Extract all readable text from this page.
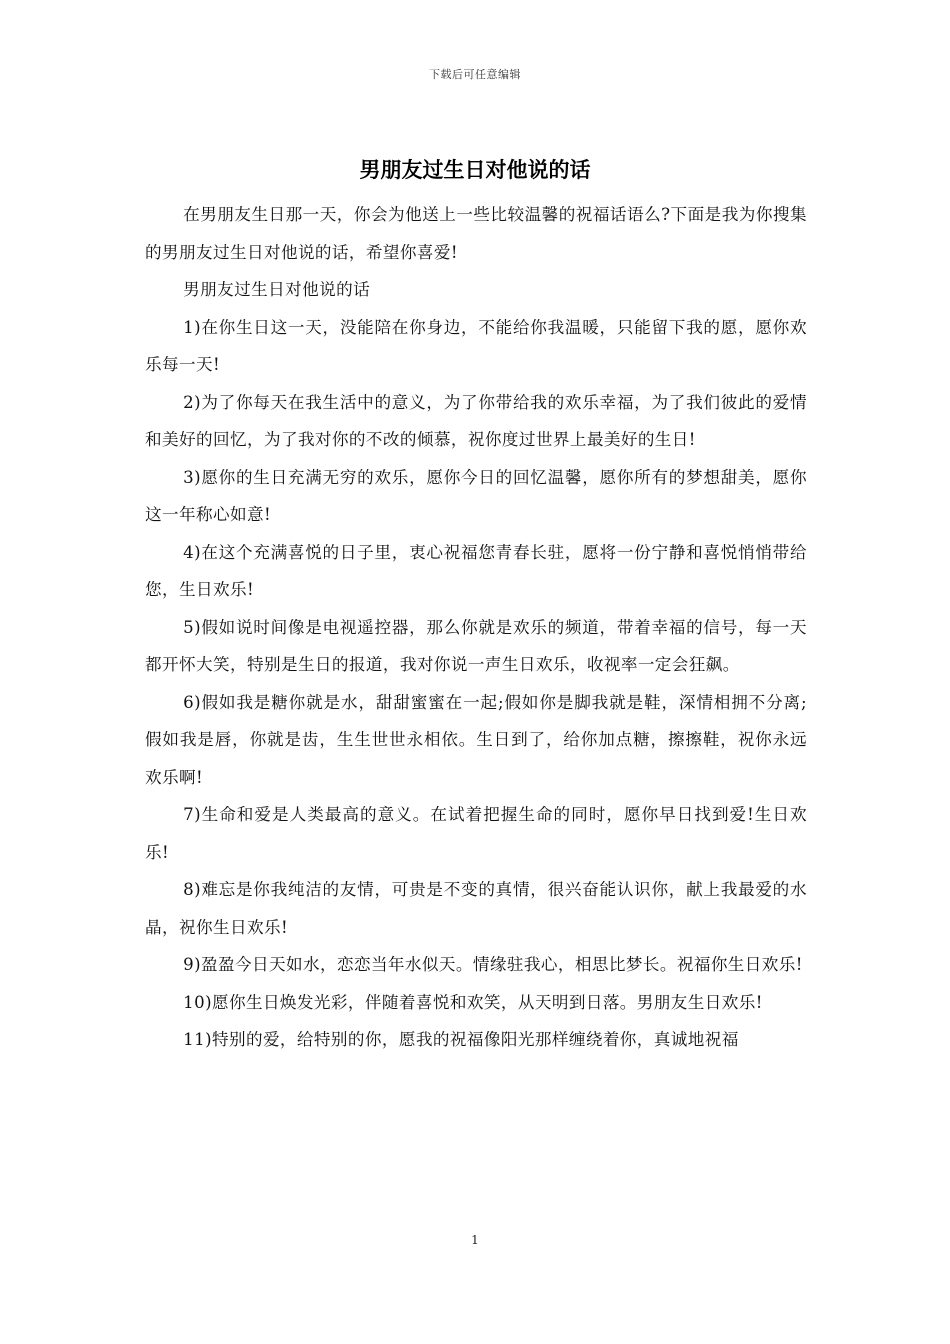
下载后可任意编辑
男朋友过生日对他说的话

在男朋友生日那一天，你会为他送上一些比较温馨的祝福话语么?下面是我为你搜集的男朋友过生日对他说的话，希望你喜爱!

男朋友过生日对他说的话

1)在你生日这一天，没能陪在你身边，不能给你我温暖，只能留下我的愿，愿你欢乐每一天!

2)为了你每天在我生活中的意义，为了你带给我的欢乐幸福，为了我们彼此的爱情和美好的回忆，为了我对你的不改的倾慕，祝你度过世界上最美好的生日!

3)愿你的生日充满无穷的欢乐，愿你今日的回忆温馨，愿你所有的梦想甜美，愿你这一年称心如意!

4)在这个充满喜悦的日子里，衷心祝福您青春长驻，愿将一份宁静和喜悦悄悄带给您，生日欢乐!

5)假如说时间像是电视遥控器，那么你就是欢乐的频道，带着幸福的信号，每一天都开怀大笑，特别是生日的报道，我对你说一声生日欢乐，收视率一定会狂飙。

6)假如我是糖你就是水，甜甜蜜蜜在一起;假如你是脚我就是鞋，深情相拥不分离;假如我是唇，你就是齿，生生世世永相依。生日到了，给你加点糖，擦擦鞋，祝你永远欢乐啊!

7)生命和爱是人类最高的意义。在试着把握生命的同时，愿你早日找到爱!生日欢乐!

8)难忘是你我纯洁的友情，可贵是不变的真情，很兴奋能认识你，献上我最爱的水晶，祝你生日欢乐!

9)盈盈今日天如水，恋恋当年水似天。情缘驻我心，相思比梦长。祝福你生日欢乐!

10)愿你生日焕发光彩，伴随着喜悦和欢笑，从天明到日落。男朋友生日欢乐!

11)特别的爱，给特别的你，愿我的祝福像阳光那样缠绕着你，真诚地祝福

1
